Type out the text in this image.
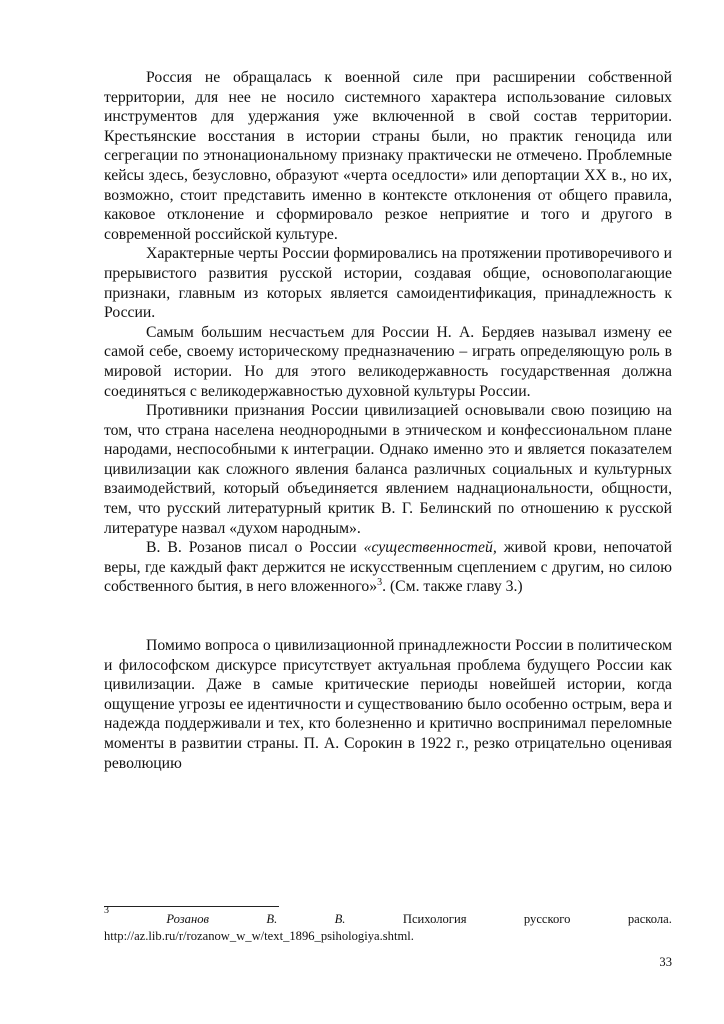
Россия не обращалась к военной силе при расширении собственной территории, для нее не носило системного характера использование силовых инструментов для удержания уже включенной в свой состав территории. Крестьянские восстания в истории страны были, но практик геноцида или сегрегации по этнонациональному признаку практически не отмечено. Проблемные кейсы здесь, безусловно, образуют «черта оседлости» или депортации XX в., но их, возможно, стоит представить именно в контексте отклонения от общего правила, каковое отклонение и сформировало резкое неприятие и того и другого в современной российской культуре.

Характерные черты России формировались на протяжении противоречивого и прерывистого развития русской истории, создавая общие, основополагающие признаки, главным из которых является самоидентификация, принадлежность к России.

Самым большим несчастьем для России Н. А. Бердяев называл измену ее самой себе, своему историческому предназначению – играть определяющую роль в мировой истории. Но для этого великодержавность государственная должна соединяться с великодержавностью духовной культуры России.

Противники признания России цивилизацией основывали свою позицию на том, что страна населена неоднородными в этническом и конфессиональном плане народами, неспособными к интеграции. Однако именно это и является показателем цивилизации как сложного явления баланса различных социальных и культурных взаимодействий, который объединяется явлением наднациональности, общности, тем, что русский литературный критик В. Г. Белинский по отношению к русской литературе назвал «духом народным».

В. В. Розанов писал о России «существенностей, живой крови, непочатой веры, где каждый факт держится не искусственным сцеплением с другим, но силою собственного бытия, в него вложенного»$^3$. (См. также главу 3.)

Помимо вопроса о цивилизационной принадлежности России в политическом и философском дискурсе присутствует актуальная проблема будущего России как цивилизации. Даже в самые критические периоды новейшей истории, когда ощущение угрозы ее идентичности и существованию было особенно острым, вера и надежда поддерживали и тех, кто болезненно и критично воспринимал переломные моменты в развитии страны. П. А. Сорокин в 1922 г., резко отрицательно оценивая революцию

3
Розанов	В.	В.	Психология	русского	раскола.
http://az.lib.ru/r/rozanow_w_w/text_1896_psihologiya.shtml.
33
